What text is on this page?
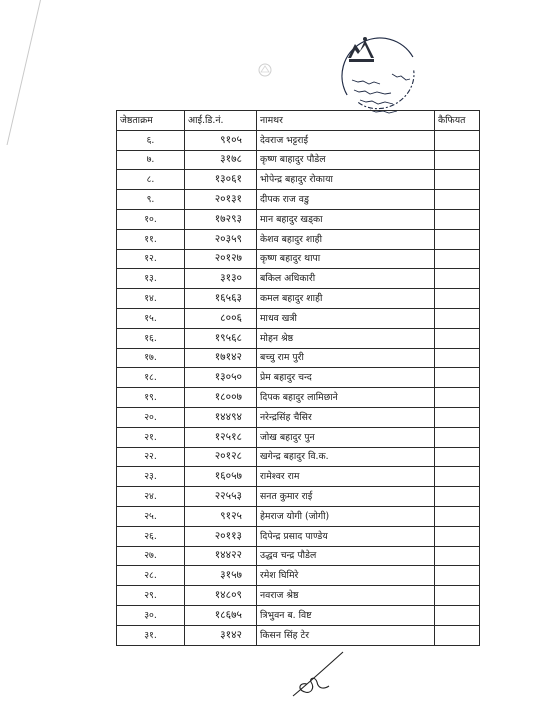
जेष्ठताक्रम	आई.डि.नं.	नामथर	कैफियत
६.	९१०५	देवराज भट्टराई	
७.	३१७८	कृष्ण बाहादुर पौडेल	
८.	१३०६१	भोपेन्द्र बहादुर रोकाया	
९.	२०१३१	दीपक राज वडु	
१०.	१७२९३	मान बहादुर खड्का	
११.	२०३५९	केशव बहादुर शाही	
१२.	२०१२७	कृष्ण बहादुर थापा	
१३.	३१३०	बकिल अधिकारी	
१४.	१६५६३	कमल बहादुर शाही	
१५.	८००६	माधव खत्री	
१६.	१९५६८	मोहन श्रेष्ठ	
१७.	१७१४२	बच्चु राम पुरी	
१८.	१३०५०	प्रेम बहादुर चन्द	
१९.	१८००७	दिपक बहादुर लामिछाने	
२०.	१४४९४	नरेन्द्रसिंह चैसिर	
२१.	१२५१८	जोख बहादुर पुन	
२२.	२०१२८	खगेन्द्र बहादुर वि.क.	
२३.	१६०५७	रामेश्वर राम	
२४.	२२५५३	सनत कुमार राई	
२५.	९१२५	हेमराज योगी (जोगी)	
२६.	२०११३	दिपेन्द्र प्रसाद पाण्डेय	
२७.	१४४२२	उद्धव चन्द्र पौडेल	
२८.	३१५७	रमेश घिमिरे	
२९.	१४८०९	नवराज श्रेष्ठ	
३०.	१८६७५	त्रिभुवन ब. विष्ट	
३१.	३१४२	किसन सिंह टेर	
